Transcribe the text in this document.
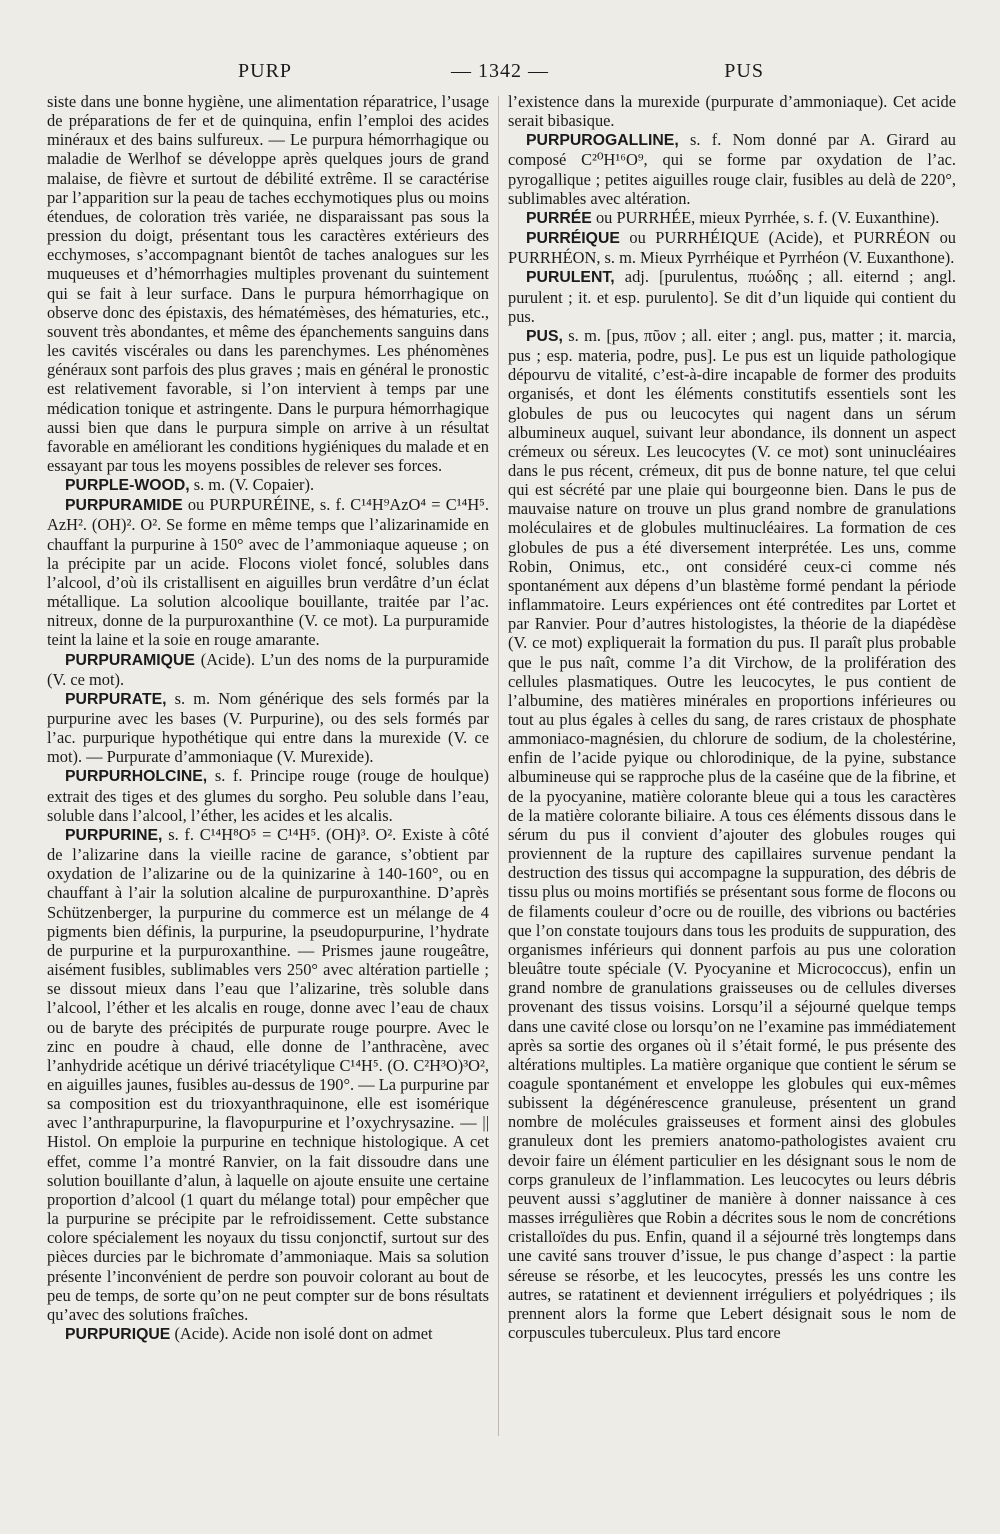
PURP	— 1342 —	PUS

siste dans une bonne hygiène, une alimentation réparatrice, l’usage de préparations de fer et de quinquina, enfin l’emploi des acides minéraux et des bains sulfureux. — Le purpura hémorrhagique ou maladie de Werlhof se développe après quelques jours de grand malaise, de fièvre et surtout de débilité extrême. Il se caractérise par l’apparition sur la peau de taches ecchymotiques plus ou moins étendues, de coloration très variée, ne disparaissant pas sous la pression du doigt, présentant tous les caractères extérieurs des ecchymoses, s’accompagnant bientôt de taches analogues sur les muqueuses et d’hémorrhagies multiples provenant du suintement qui se fait à leur surface. Dans le purpura hémorrhagique on observe donc des épistaxis, des hématémèses, des hématuries, etc., souvent très abondantes, et même des épanchements sanguins dans les cavités viscérales ou dans les parenchymes. Les phénomènes généraux sont parfois des plus graves ; mais en général le pronostic est relativement favorable, si l’on intervient à temps par une médication tonique et astringente. Dans le purpura hémorrhagique aussi bien que dans le purpura simple on arrive à un résultat favorable en améliorant les conditions hygiéniques du malade et en essayant par tous les moyens possibles de relever ses forces.

PURPLE-WOOD, s. m. (V. Copaier).

PURPURAMIDE ou PURPURÉINE, s. f. C¹⁴H⁹AzO⁴ = C¹⁴H⁵. AzH². (OH)². O². Se forme en même temps que l’alizarinamide en chauffant la purpurine à 150° avec de l’ammoniaque aqueuse ; on la précipite par un acide. Flocons violet foncé, solubles dans l’alcool, d’où ils cristallisent en aiguilles brun verdâtre d’un éclat métallique. La solution alcoolique bouillante, traitée par l’ac. nitreux, donne de la purpuroxanthine (V. ce mot). La purpuramide teint la laine et la soie en rouge amarante.

PURPURAMIQUE (Acide). L’un des noms de la purpuramide (V. ce mot).

PURPURATE, s. m. Nom générique des sels formés par la purpurine avec les bases (V. Purpurine), ou des sels formés par l’ac. purpurique hypothétique qui entre dans la murexide (V. ce mot). — Purpurate d’ammoniaque (V. Murexide).

PURPURHOLCINE, s. f. Principe rouge (rouge de houlque) extrait des tiges et des glumes du sorgho. Peu soluble dans l’eau, soluble dans l’alcool, l’éther, les acides et les alcalis.

PURPURINE, s. f. C¹⁴H⁸O⁵ = C¹⁴H⁵. (OH)³. O². Existe à côté de l’alizarine dans la vieille racine de garance, s’obtient par oxydation de l’alizarine ou de la quinizarine à 140-160°, ou en chauffant à l’air la solution alcaline de purpuroxanthine. D’après Schützenberger, la purpurine du commerce est un mélange de 4 pigments bien définis, la purpurine, la pseudopurpurine, l’hydrate de purpurine et la purpuroxanthine. — Prismes jaune rougeâtre, aisément fusibles, sublimables vers 250° avec altération partielle ; se dissout mieux dans l’eau que l’alizarine, très soluble dans l’alcool, l’éther et les alcalis en rouge, donne avec l’eau de chaux ou de baryte des précipités de purpurate rouge pourpre. Avec le zinc en poudre à chaud, elle donne de l’anthracène, avec l’anhydride acétique un dérivé triacétylique C¹⁴H⁵. (O. C²H³O)³O², en aiguilles jaunes, fusibles au-dessus de 190°. — La purpurine par sa composition est du trioxyanthraquinone, elle est isomérique avec l’anthrapurpurine, la flavopurpurine et l’oxychrysazine. — || Histol. On emploie la purpurine en technique histologique. A cet effet, comme l’a montré Ranvier, on la fait dissoudre dans une solution bouillante d’alun, à laquelle on ajoute ensuite une certaine proportion d’alcool (1 quart du mélange total) pour empêcher que la purpurine se précipite par le refroidissement. Cette substance colore spécialement les noyaux du tissu conjonctif, surtout sur des pièces durcies par le bichromate d’ammoniaque. Mais sa solution présente l’inconvénient de perdre son pouvoir colorant au bout de peu de temps, de sorte qu’on ne peut compter sur de bons résultats qu’avec des solutions fraîches.

PURPURIQUE (Acide). Acide non isolé dont on admet

l’existence dans la murexide (purpurate d’ammoniaque). Cet acide serait bibasique.

PURPUROGALLINE, s. f. Nom donné par A. Girard au composé C²⁰H¹⁶O⁹, qui se forme par oxydation de l’ac. pyrogallique ; petites aiguilles rouge clair, fusibles au delà de 220°, sublimables avec altération.

PURRÉE ou PURRHÉE, mieux Pyrrhée, s. f. (V. Euxanthine).

PURRÉIQUE ou PURRHÉIQUE (Acide), et PURRÉON ou PURRHÉON, s. m. Mieux Pyrrhéique et Pyrrhéon (V. Euxanthone).

PURULENT, adj. [purulentus, πυώδης ; all. eiternd ; angl. purulent ; it. et esp. purulento]. Se dit d’un liquide qui contient du pus.

PUS, s. m. [pus, πῦον ; all. eiter ; angl. pus, matter ; it. marcia, pus ; esp. materia, podre, pus]. Le pus est un liquide pathologique dépourvu de vitalité, c’est-à-dire incapable de former des produits organisés, et dont les éléments constitutifs essentiels sont les globules de pus ou leucocytes qui nagent dans un sérum albumineux auquel, suivant leur abondance, ils donnent un aspect crémeux ou séreux. Les leucocytes (V. ce mot) sont uninucléaires dans le pus récent, crémeux, dit pus de bonne nature, tel que celui qui est sécrété par une plaie qui bourgeonne bien. Dans le pus de mauvaise nature on trouve un plus grand nombre de granulations moléculaires et de globules multinucléaires. La formation de ces globules de pus a été diversement interprétée. Les uns, comme Robin, Onimus, etc., ont considéré ceux-ci comme nés spontanément aux dépens d’un blastème formé pendant la période inflammatoire. Leurs expériences ont été contredites par Lortet et par Ranvier. Pour d’autres histologistes, la théorie de la diapédèse (V. ce mot) expliquerait la formation du pus. Il paraît plus probable que le pus naît, comme l’a dit Virchow, de la prolifération des cellules plasmatiques. Outre les leucocytes, le pus contient de l’albumine, des matières minérales en proportions inférieures ou tout au plus égales à celles du sang, de rares cristaux de phosphate ammoniaco-magnésien, du chlorure de sodium, de la cholestérine, enfin de l’acide pyique ou chlorodinique, de la pyine, substance albumineuse qui se rapproche plus de la caséine que de la fibrine, et de la pyocyanine, matière colorante bleue qui a tous les caractères de la matière colorante biliaire. A tous ces éléments dissous dans le sérum du pus il convient d’ajouter des globules rouges qui proviennent de la rupture des capillaires survenue pendant la destruction des tissus qui accompagne la suppuration, des débris de tissu plus ou moins mortifiés se présentant sous forme de flocons ou de filaments couleur d’ocre ou de rouille, des vibrions ou bactéries que l’on constate toujours dans tous les produits de suppuration, des organismes inférieurs qui donnent parfois au pus une coloration bleuâtre toute spéciale (V. Pyocyanine et Micrococcus), enfin un grand nombre de granulations graisseuses ou de cellules diverses provenant des tissus voisins. Lorsqu’il a séjourné quelque temps dans une cavité close ou lorsqu’on ne l’examine pas immédiatement après sa sortie des organes où il s’était formé, le pus présente des altérations multiples. La matière organique que contient le sérum se coagule spontanément et enveloppe les globules qui eux-mêmes subissent la dégénérescence granuleuse, présentent un grand nombre de molécules graisseuses et forment ainsi des globules granuleux dont les premiers anatomo-pathologistes avaient cru devoir faire un élément particulier en les désignant sous le nom de corps granuleux de l’inflammation. Les leucocytes ou leurs débris peuvent aussi s’agglutiner de manière à donner naissance à ces masses irrégulières que Robin a décrites sous le nom de concrétions cristalloïdes du pus. Enfin, quand il a séjourné très longtemps dans une cavité sans trouver d’issue, le pus change d’aspect : la partie séreuse se résorbe, et les leucocytes, pressés les uns contre les autres, se ratatinent et deviennent irréguliers et polyédriques ; ils prennent alors la forme que Lebert désignait sous le nom de corpuscules tuberculeux. Plus tard encore
